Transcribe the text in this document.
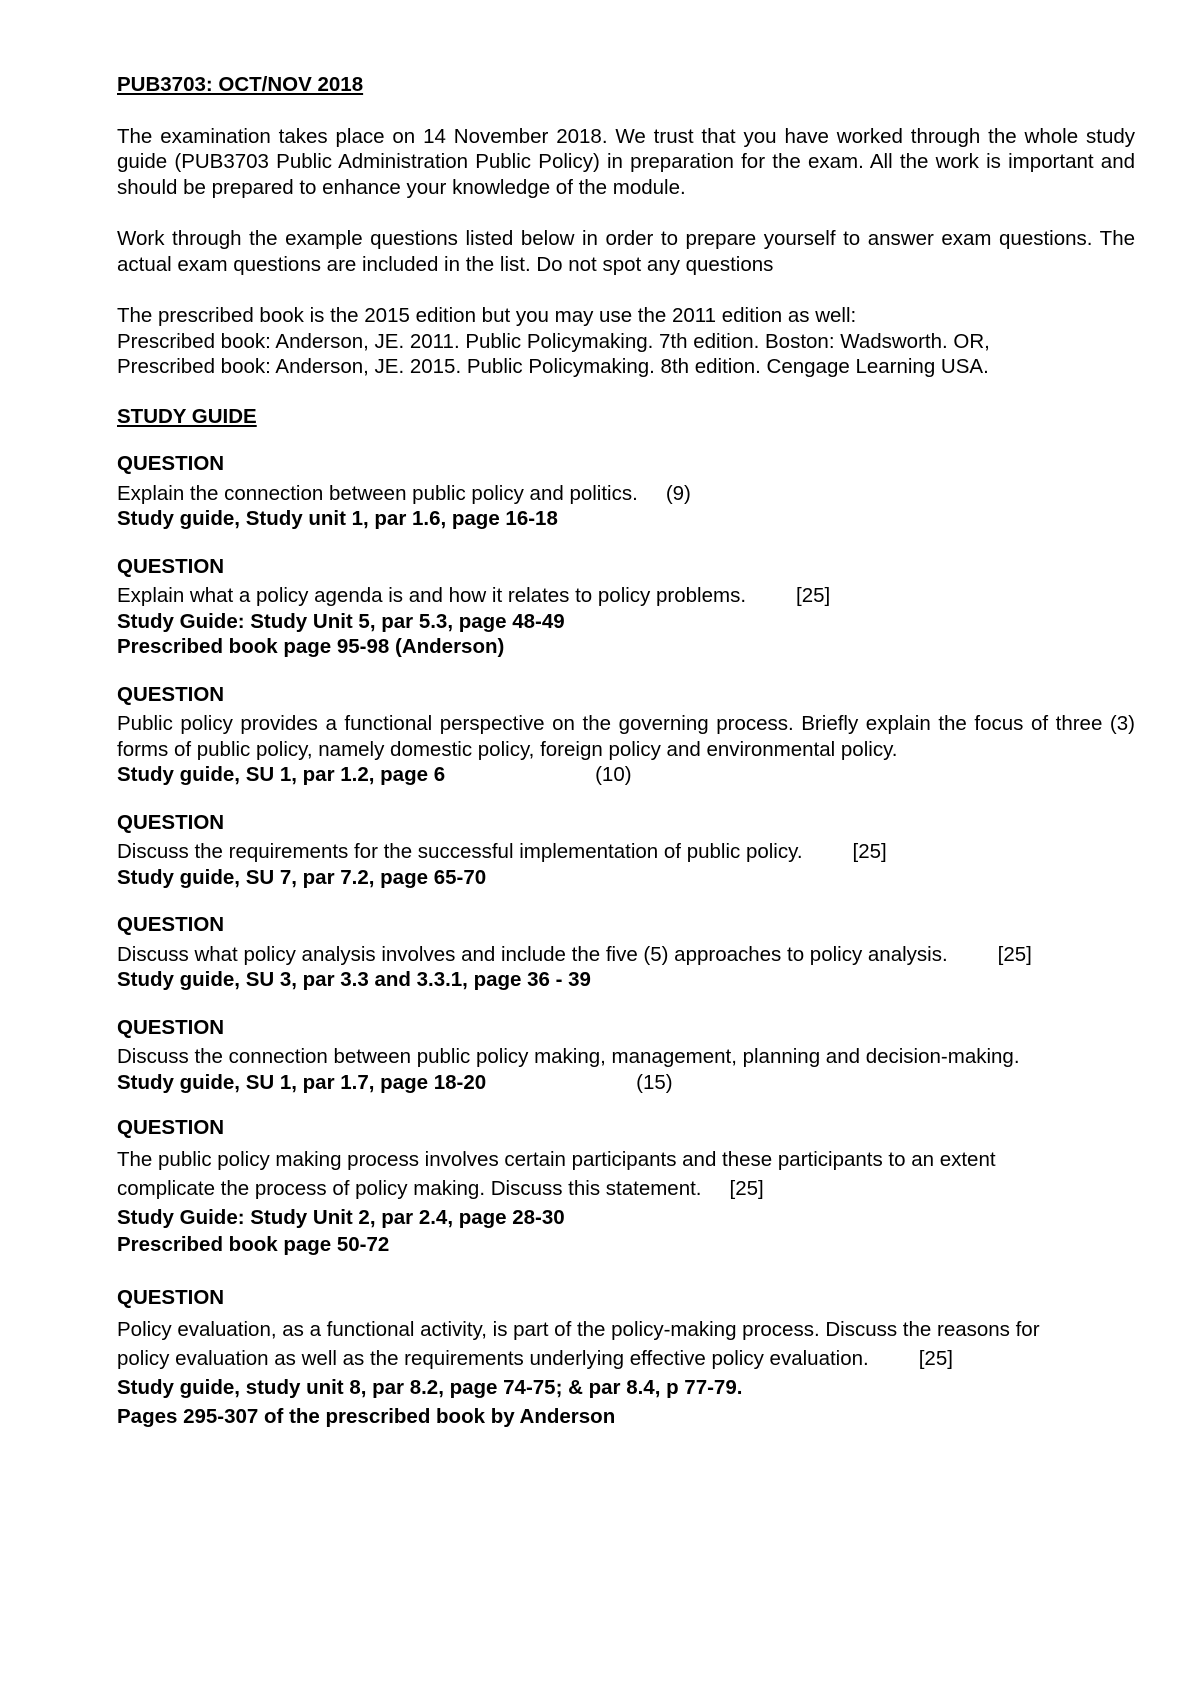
PUB3703: OCT/NOV 2018

The examination takes place on 14 November 2018. We trust that you have worked through the whole study guide (PUB3703 Public Administration Public Policy) in preparation for the exam. All the work is important and should be prepared to enhance your knowledge of the module.

Work through the example questions listed below in order to prepare yourself to answer exam questions. The actual exam questions are included in the list. Do not spot any questions

The prescribed book is the 2015 edition but you may use the 2011 edition as well:

Prescribed book: Anderson, JE. 2011. Public Policymaking. 7th edition. Boston: Wadsworth. OR,

Prescribed book: Anderson, JE. 2015. Public Policymaking. 8th edition. Cengage Learning USA.

STUDY GUIDE

QUESTION

Explain the connection between public policy and politics. (9)

Study guide, Study unit 1, par 1.6, page 16-18

QUESTION

Explain what a policy agenda is and how it relates to policy problems. [25]

Study Guide: Study Unit 5, par 5.3, page 48-49

Prescribed book page 95-98 (Anderson)

QUESTION

Public policy provides a functional perspective on the governing process. Briefly explain the focus of three (3) forms of public policy, namely domestic policy, foreign policy and environmental policy.

Study guide, SU 1, par 1.2, page 6	(10)

QUESTION

Discuss the requirements for the successful implementation of public policy. [25]

Study guide, SU 7, par 7.2, page 65-70

QUESTION

Discuss what policy analysis involves and include the five (5) approaches to policy analysis. [25]

Study guide, SU 3, par 3.3 and 3.3.1, page 36 - 39

QUESTION

Discuss the connection between public policy making, management, planning and decision-making.

Study guide, SU 1, par 1.7, page 18-20	(15)

QUESTION

The public policy making process involves certain participants and these participants to an extent

complicate the process of policy making. Discuss this statement. [25]

Study Guide: Study Unit 2, par 2.4, page 28-30

Prescribed book page 50-72

QUESTION

Policy evaluation, as a functional activity, is part of the policy-making process. Discuss the reasons for

policy evaluation as well as the requirements underlying effective policy evaluation. [25]

Study guide, study unit 8, par 8.2, page 74-75; & par 8.4, p 77-79.

Pages 295-307 of the prescribed book by Anderson
